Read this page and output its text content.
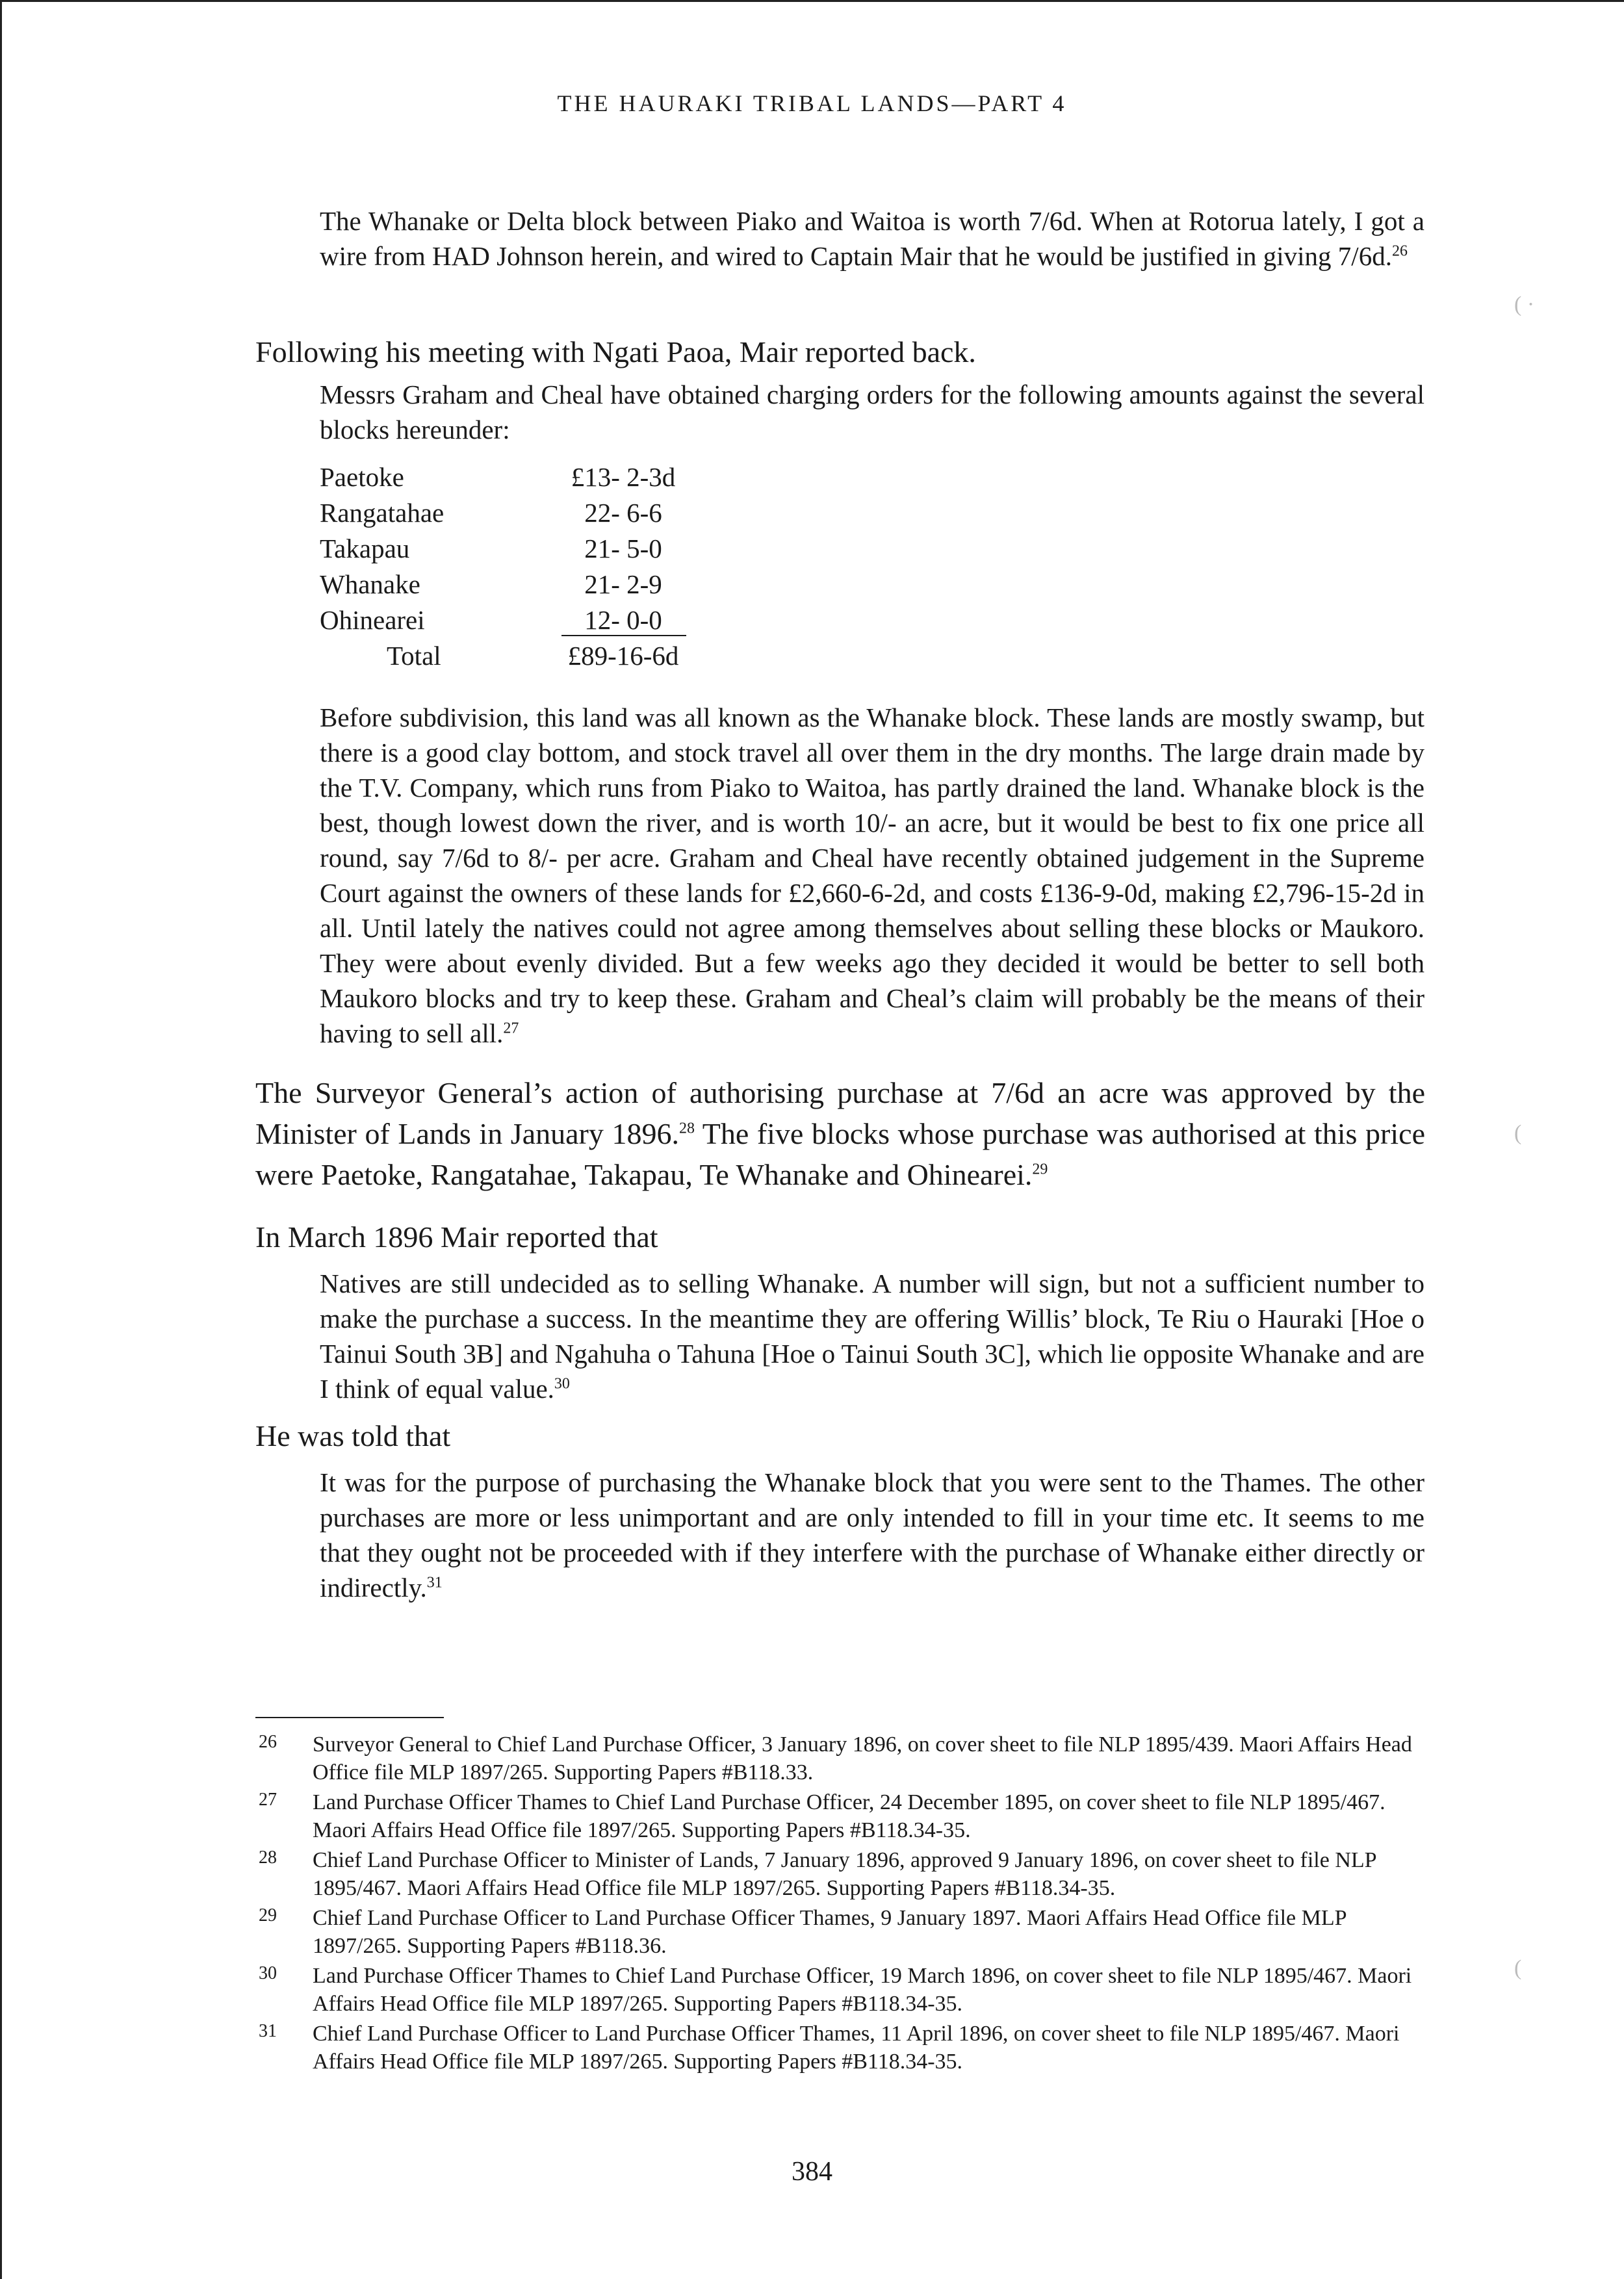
THE HAURAKI TRIBAL LANDS—PART 4

The Whanake or Delta block between Piako and Waitoa is worth 7/6d. When at Rotorua lately, I got a wire from HAD Johnson herein, and wired to Captain Mair that he would be justified in giving 7/6d.$^{26}$

Following his meeting with Ngati Paoa, Mair reported back.

Messrs Graham and Cheal have obtained charging orders for the following amounts against the several blocks hereunder:

Paetoke	£13- 2-3d
Rangatahae	22- 6-6
Takapau	21- 5-0
Whanake	21- 2-9
Ohinearei	12- 0-0
Total	£89-16-6d

Before subdivision, this land was all known as the Whanake block. These lands are mostly swamp, but there is a good clay bottom, and stock travel all over them in the dry months. The large drain made by the T.V. Company, which runs from Piako to Waitoa, has partly drained the land. Whanake block is the best, though lowest down the river, and is worth 10/- an acre, but it would be best to fix one price all round, say 7/6d to 8/- per acre. Graham and Cheal have recently obtained judgement in the Supreme Court against the owners of these lands for £2,660-6-2d, and costs £136-9-0d, making £2,796-15-2d in all. Until lately the natives could not agree among themselves about selling these blocks or Maukoro. They were about evenly divided. But a few weeks ago they decided it would be better to sell both Maukoro blocks and try to keep these. Graham and Cheal’s claim will probably be the means of their having to sell all.$^{27}$

The Surveyor General’s action of authorising purchase at 7/6d an acre was approved by the Minister of Lands in January 1896.28 The five blocks whose purchase was authorised at this price were Paetoke, Rangatahae, Takapau, Te Whanake and Ohinearei.$^{29}$

In March 1896 Mair reported that

Natives are still undecided as to selling Whanake. A number will sign, but not a sufficient number to make the purchase a success. In the meantime they are offering Willis’ block, Te Riu o Hauraki [Hoe o Tainui South 3B] and Ngahuha o Tahuna [Hoe o Tainui South 3C], which lie opposite Whanake and are I think of equal value.$^{30}$

He was told that

It was for the purpose of purchasing the Whanake block that you were sent to the Thames. The other purchases are more or less unimportant and are only intended to fill in your time etc. It seems to me that they ought not be proceeded with if they interfere with the purchase of Whanake either directly or indirectly.$^{31}$

26 Surveyor General to Chief Land Purchase Officer, 3 January 1896, on cover sheet to file NLP 1895/439. Maori Affairs Head Office file MLP 1897/265. Supporting Papers #B118.33.
27 Land Purchase Officer Thames to Chief Land Purchase Officer, 24 December 1895, on cover sheet to file NLP 1895/467. Maori Affairs Head Office file 1897/265. Supporting Papers #B118.34-35.
28 Chief Land Purchase Officer to Minister of Lands, 7 January 1896, approved 9 January 1896, on cover sheet to file NLP 1895/467. Maori Affairs Head Office file MLP 1897/265. Supporting Papers #B118.34-35.
29 Chief Land Purchase Officer to Land Purchase Officer Thames, 9 January 1897. Maori Affairs Head Office file MLP 1897/265. Supporting Papers #B118.36.
30 Land Purchase Officer Thames to Chief Land Purchase Officer, 19 March 1896, on cover sheet to file NLP 1895/467. Maori Affairs Head Office file MLP 1897/265. Supporting Papers #B118.34-35.
31 Chief Land Purchase Officer to Land Purchase Officer Thames, 11 April 1896, on cover sheet to file NLP 1895/467. Maori Affairs Head Office file MLP 1897/265. Supporting Papers #B118.34-35.
384
( ·
(
(
